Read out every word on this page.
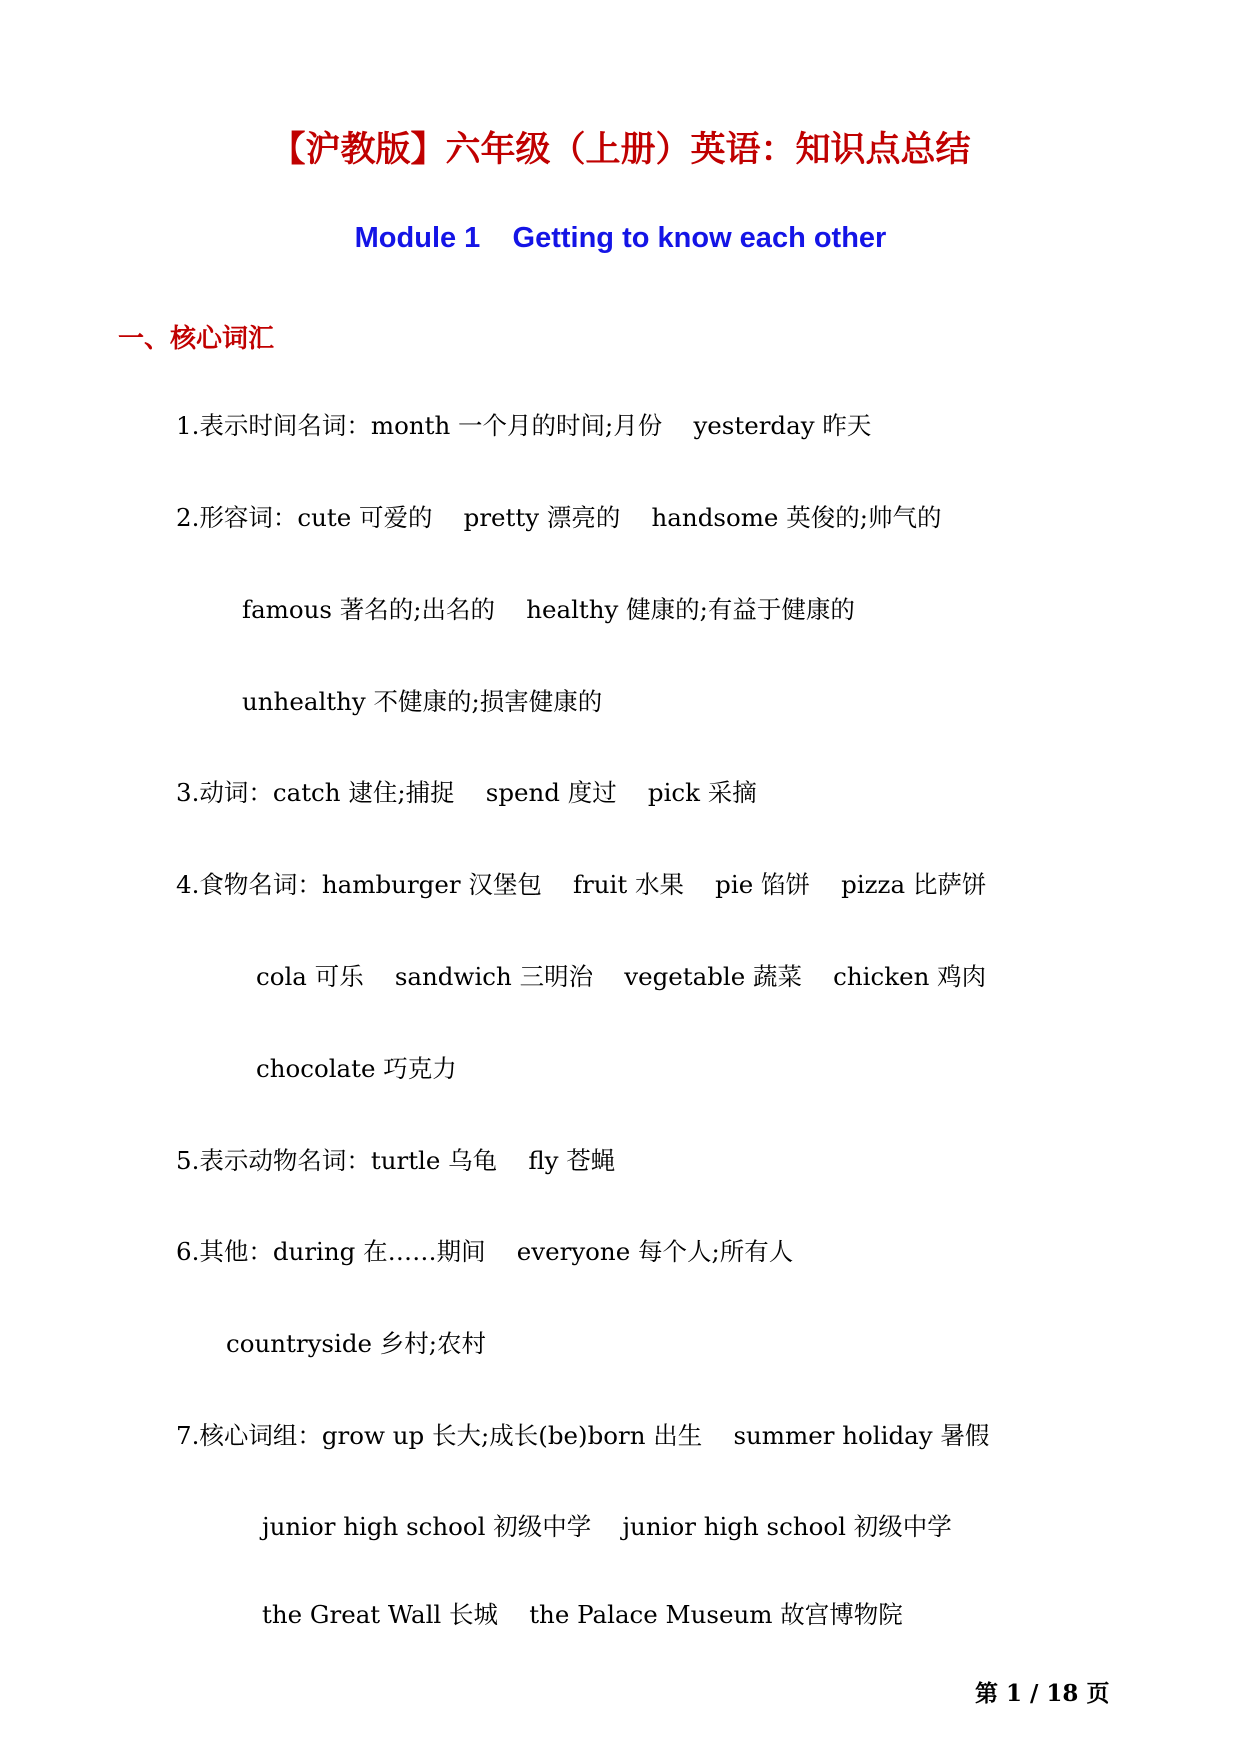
【沪教版】六年级（上册）英语：知识点总结
Module 1    Getting to know each other
一、核心词汇
1.表示时间名词：month 一个月的时间;月份    yesterday 昨天
2.形容词：cute 可爱的    pretty 漂亮的    handsome 英俊的;帅气的
famous 著名的;出名的    healthy 健康的;有益于健康的
unhealthy 不健康的;损害健康的
3.动词：catch 逮住;捕捉    spend 度过    pick 采摘
4.食物名词：hamburger 汉堡包    fruit 水果    pie 馅饼    pizza 比萨饼
cola 可乐    sandwich 三明治    vegetable 蔬菜    chicken 鸡肉
chocolate 巧克力
5.表示动物名词：turtle 乌龟    fly 苍蝇
6.其他：during 在……期间    everyone 每个人;所有人
countryside 乡村;农村
7.核心词组：grow up 长大;成长(be)born 出生    summer holiday 暑假
junior high school 初级中学    junior high school 初级中学
the Great Wall 长城    the Palace Museum 故宫博物院
第 1 / 18 页
